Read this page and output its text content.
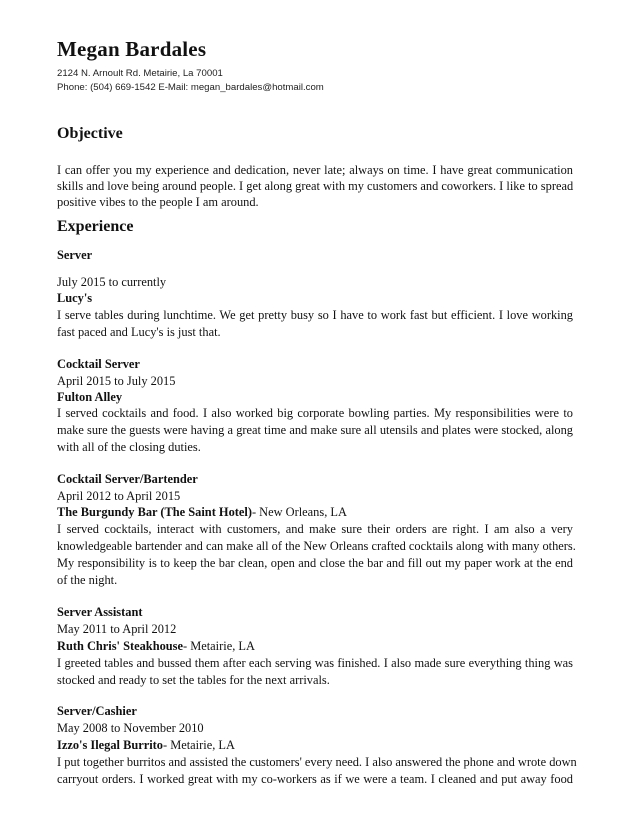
Megan Bardales
2124 N. Arnoult Rd. Metairie, La 70001
Phone: (504) 669-1542 E-Mail: megan_bardales@hotmail.com
Objective
I can offer you my experience and dedication, never late; always on time. I have great communication
skills and love being around people. I get along great with my customers and coworkers. I like to spread
positive vibes to the people I am around.
Experience
Server
July 2015 to currently
Lucy's
I serve tables during lunchtime. We get pretty busy so I have to work fast but efficient. I love working
fast paced and Lucy's is just that.
Cocktail Server
April 2015 to July 2015
Fulton Alley
I served cocktails and food. I also worked big corporate bowling parties. My responsibilities were to
make sure the guests were having a great time and make sure all utensils and plates were stocked, along
with all of the closing duties.
Cocktail Server/Bartender
April 2012 to April 2015
The Burgundy Bar (The Saint Hotel)- New Orleans, LA
I served cocktails, interact with customers, and make sure their orders are right. I am also a very
knowledgeable bartender and can make all of the New Orleans crafted cocktails along with many others.
My responsibility is to keep the bar clean, open and close the bar and fill out my paper work at the end
of the night.
Server Assistant
May 2011 to April 2012
Ruth Chris' Steakhouse- Metairie, LA
I greeted tables and bussed them after each serving was finished. I also made sure everything thing was
stocked and ready to set the tables for the next arrivals.
Server/Cashier
May 2008 to November 2010
Izzo's Ilegal Burrito- Metairie, LA
I put together burritos and assisted the customers' every need. I also answered the phone and wrote down
carryout orders. I worked great with my co-workers as if we were a team. I cleaned and put away food
